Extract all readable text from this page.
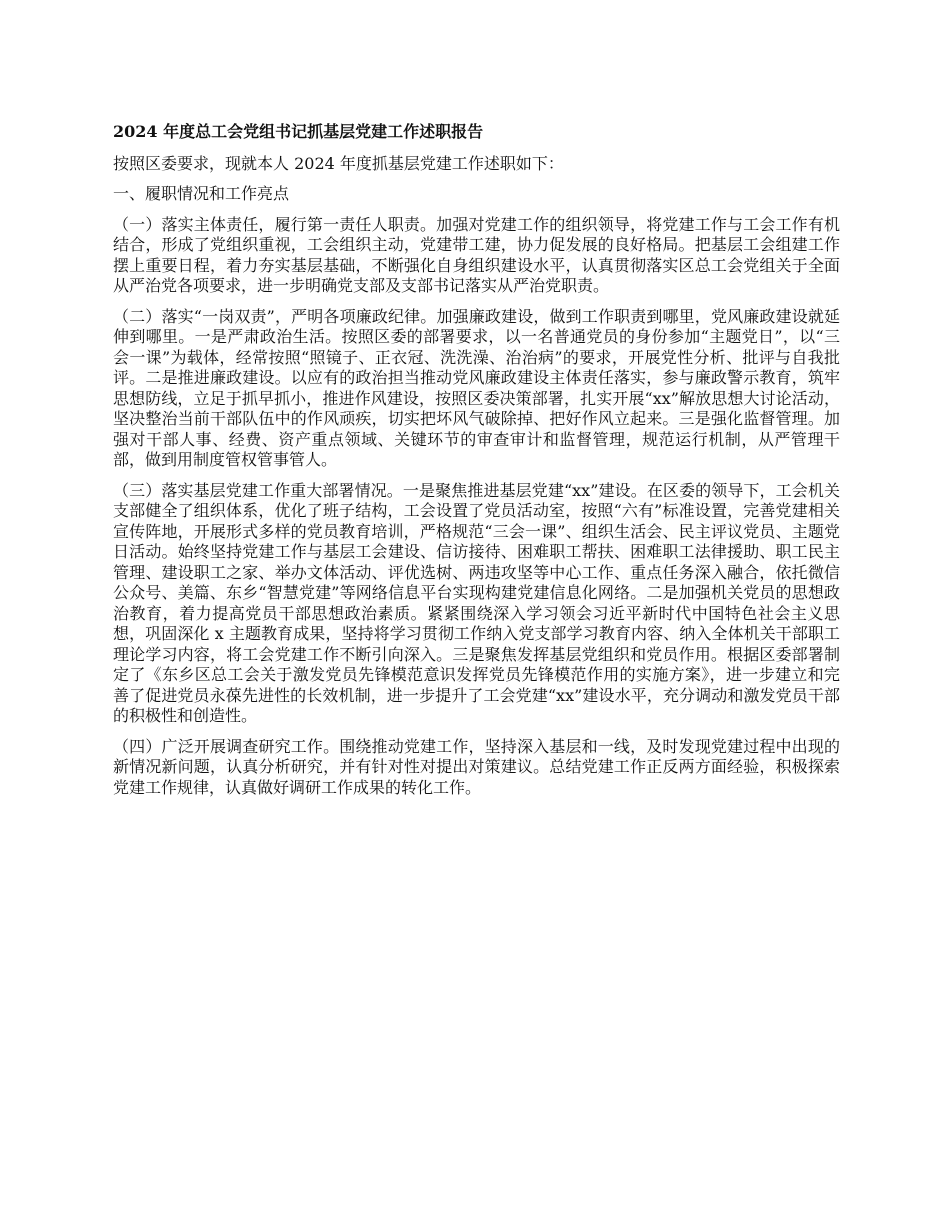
2024 年度总工会党组书记抓基层党建工作述职报告

按照区委要求，现就本人 2024 年度抓基层党建工作述职如下：

一、履职情况和工作亮点

（一）落实主体责任，履行第一责任人职责。加强对党建工作的组织领导，将党建工作与工会工作有机结合，形成了党组织重视，工会组织主动，党建带工建，协力促发展的良好格局。把基层工会组建工作摆上重要日程，着力夯实基层基础，不断强化自身组织建设水平，认真贯彻落实区总工会党组关于全面从严治党各项要求，进一步明确党支部及支部书记落实从严治党职责。

（二）落实“一岗双责”，严明各项廉政纪律。加强廉政建设，做到工作职责到哪里，党风廉政建设就延伸到哪里。一是严肃政治生活。按照区委的部署要求，以一名普通党员的身份参加“主题党日”，以“三会一课”为载体，经常按照“照镜子、正衣冠、洗洗澡、治治病”的要求，开展党性分析、批评与自我批评。二是推进廉政建设。以应有的政治担当推动党风廉政建设主体责任落实，参与廉政警示教育，筑牢思想防线，立足于抓早抓小，推进作风建设，按照区委决策部署，扎实开展“xx”解放思想大讨论活动，坚决整治当前干部队伍中的作风顽疾，切实把坏风气破除掉、把好作风立起来。三是强化监督管理。加强对干部人事、经费、资产重点领域、关键环节的审查审计和监督管理，规范运行机制，从严管理干部，做到用制度管权管事管人。

（三）落实基层党建工作重大部署情况。一是聚焦推进基层党建“xx”建设。在区委的领导下，工会机关支部健全了组织体系，优化了班子结构，工会设置了党员活动室，按照“六有”标准设置，完善党建相关宣传阵地，开展形式多样的党员教育培训，严格规范“三会一课”、组织生活会、民主评议党员、主题党日活动。始终坚持党建工作与基层工会建设、信访接待、困难职工帮扶、困难职工法律援助、职工民主管理、建设职工之家、举办文体活动、评优选树、两违攻坚等中心工作、重点任务深入融合，依托微信公众号、美篇、东乡“智慧党建”等网络信息平台实现构建党建信息化网络。二是加强机关党员的思想政治教育，着力提高党员干部思想政治素质。紧紧围绕深入学习领会习近平新时代中国特色社会主义思想，巩固深化 x 主题教育成果，坚持将学习贯彻工作纳入党支部学习教育内容、纳入全体机关干部职工理论学习内容，将工会党建工作不断引向深入。三是聚焦发挥基层党组织和党员作用。根据区委部署制定了《东乡区总工会关于激发党员先锋模范意识发挥党员先锋模范作用的实施方案》，进一步建立和完善了促进党员永葆先进性的长效机制，进一步提升了工会党建“xx”建设水平，充分调动和激发党员干部的积极性和创造性。

（四）广泛开展调查研究工作。围绕推动党建工作，坚持深入基层和一线，及时发现党建过程中出现的新情况新问题，认真分析研究，并有针对性对提出对策建议。总结党建工作正反两方面经验，积极探索党建工作规律，认真做好调研工作成果的转化工作。
